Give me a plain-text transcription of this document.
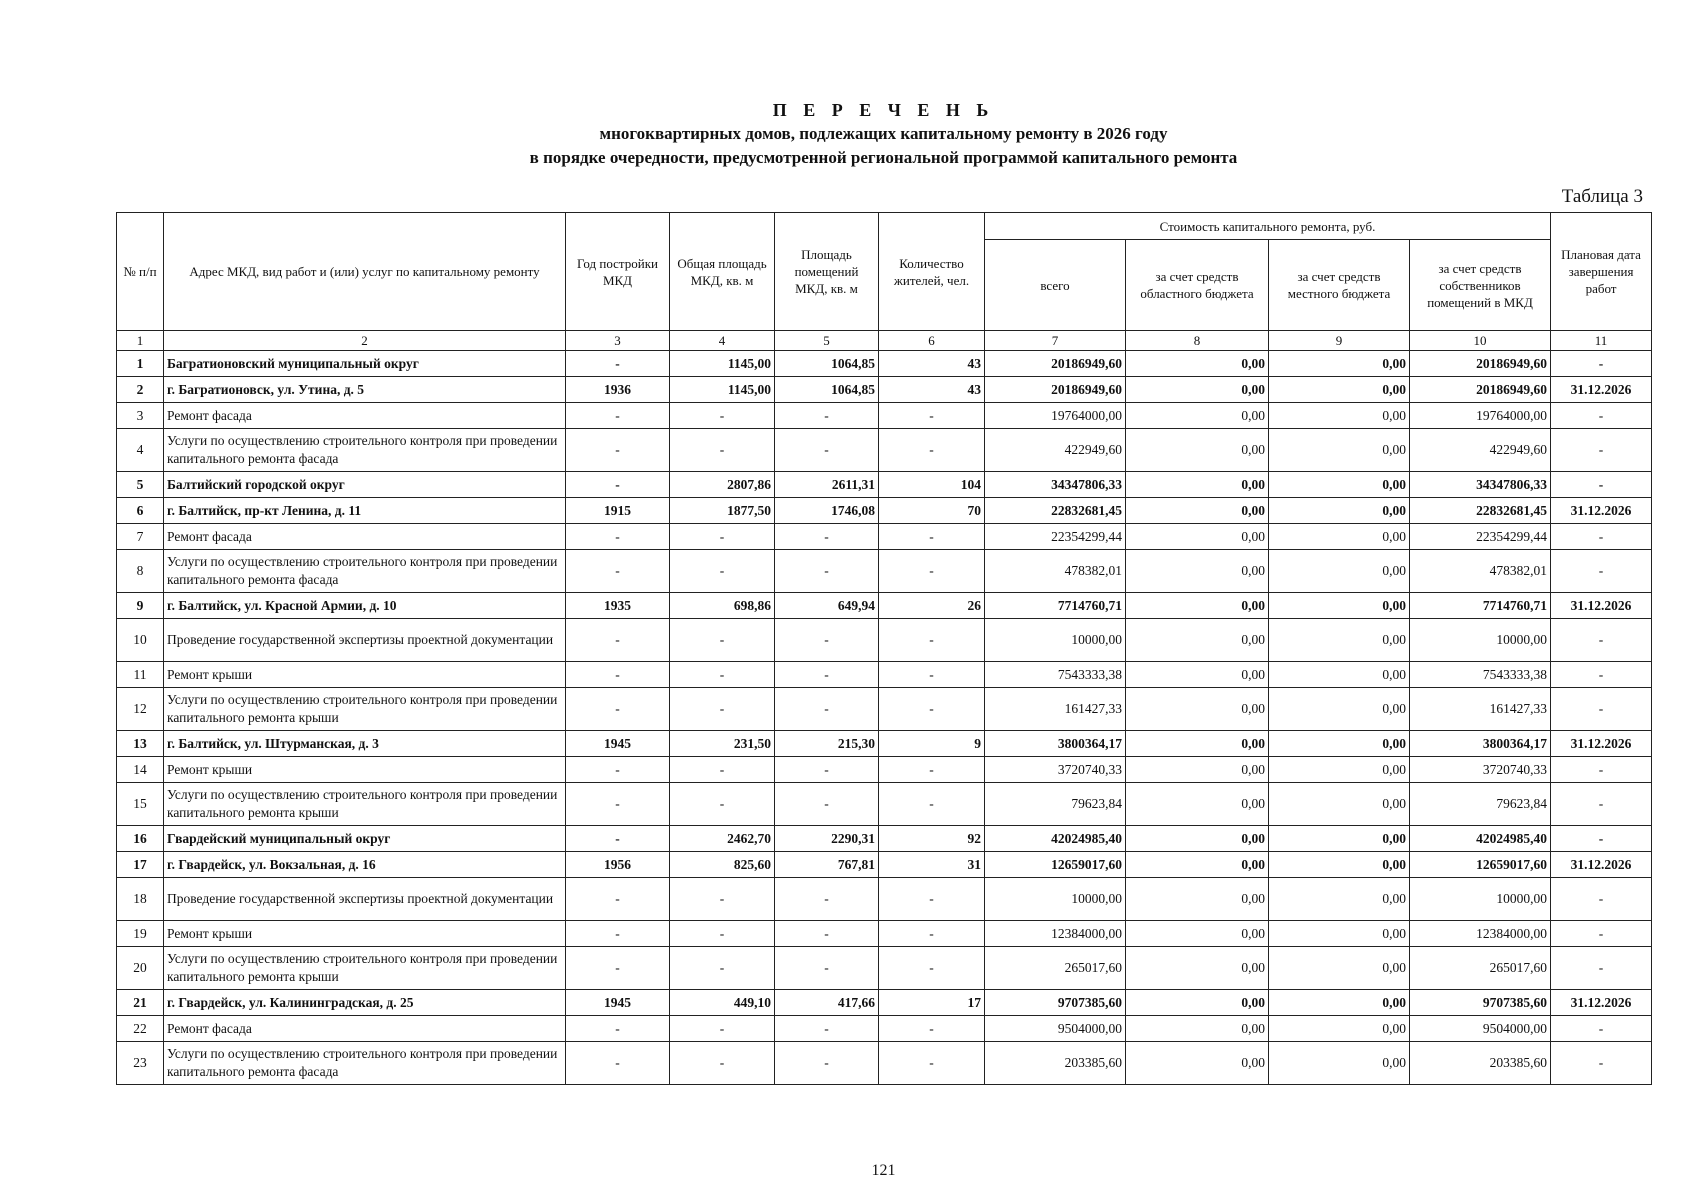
П Е Р Е Ч Е Н Ь
многоквартирных домов, подлежащих капитальному ремонту в 2026 году
в порядке очередности, предусмотренной региональной программой капитального ремонта
Таблица 3
№ п/п	Адрес МКД, вид работ и (или) услуг по капитальному ремонту	Год постройки МКД	Общая площадь МКД, кв. м	Площадь помещений МКД, кв. м	Количество жителей, чел.	Стоимость капитального ремонта, руб.				Плановая дата завершения работ
						всего	за счет средств областного бюджета	за счет средств местного бюджета	за счет средств собственников помещений в МКД	
1	2	3	4	5	6	7	8	9	10	11
1	Багратионовский муниципальный округ	-	1145,00	1064,85	43	20186949,60	0,00	0,00	20186949,60	-
2	г. Багратионовск, ул. Утина, д. 5	1936	1145,00	1064,85	43	20186949,60	0,00	0,00	20186949,60	31.12.2026
3	Ремонт фасада	-	-	-	-	19764000,00	0,00	0,00	19764000,00	-
4	Услуги по осуществлению строительного контроля при проведении капитального ремонта фасада	-	-	-	-	422949,60	0,00	0,00	422949,60	-
5	Балтийский городской округ	-	2807,86	2611,31	104	34347806,33	0,00	0,00	34347806,33	-
6	г. Балтийск, пр-кт Ленина, д. 11	1915	1877,50	1746,08	70	22832681,45	0,00	0,00	22832681,45	31.12.2026
7	Ремонт фасада	-	-	-	-	22354299,44	0,00	0,00	22354299,44	-
8	Услуги по осуществлению строительного контроля при проведении капитального ремонта фасада	-	-	-	-	478382,01	0,00	0,00	478382,01	-
9	г. Балтийск, ул. Красной Армии, д. 10	1935	698,86	649,94	26	7714760,71	0,00	0,00	7714760,71	31.12.2026
10	Проведение государственной экспертизы проектной документации	-	-	-	-	10000,00	0,00	0,00	10000,00	-
11	Ремонт крыши	-	-	-	-	7543333,38	0,00	0,00	7543333,38	-
12	Услуги по осуществлению строительного контроля при проведении капитального ремонта крыши	-	-	-	-	161427,33	0,00	0,00	161427,33	-
13	г. Балтийск, ул. Штурманская, д. 3	1945	231,50	215,30	9	3800364,17	0,00	0,00	3800364,17	31.12.2026
14	Ремонт крыши	-	-	-	-	3720740,33	0,00	0,00	3720740,33	-
15	Услуги по осуществлению строительного контроля при проведении капитального ремонта крыши	-	-	-	-	79623,84	0,00	0,00	79623,84	-
16	Гвардейский муниципальный округ	-	2462,70	2290,31	92	42024985,40	0,00	0,00	42024985,40	-
17	г. Гвардейск, ул. Вокзальная, д. 16	1956	825,60	767,81	31	12659017,60	0,00	0,00	12659017,60	31.12.2026
18	Проведение государственной экспертизы проектной документации	-	-	-	-	10000,00	0,00	0,00	10000,00	-
19	Ремонт крыши	-	-	-	-	12384000,00	0,00	0,00	12384000,00	-
20	Услуги по осуществлению строительного контроля при проведении капитального ремонта крыши	-	-	-	-	265017,60	0,00	0,00	265017,60	-
21	г. Гвардейск, ул. Калининградская, д. 25	1945	449,10	417,66	17	9707385,60	0,00	0,00	9707385,60	31.12.2026
22	Ремонт фасада	-	-	-	-	9504000,00	0,00	0,00	9504000,00	-
23	Услуги по осуществлению строительного контроля при проведении капитального ремонта фасада	-	-	-	-	203385,60	0,00	0,00	203385,60	-
121
